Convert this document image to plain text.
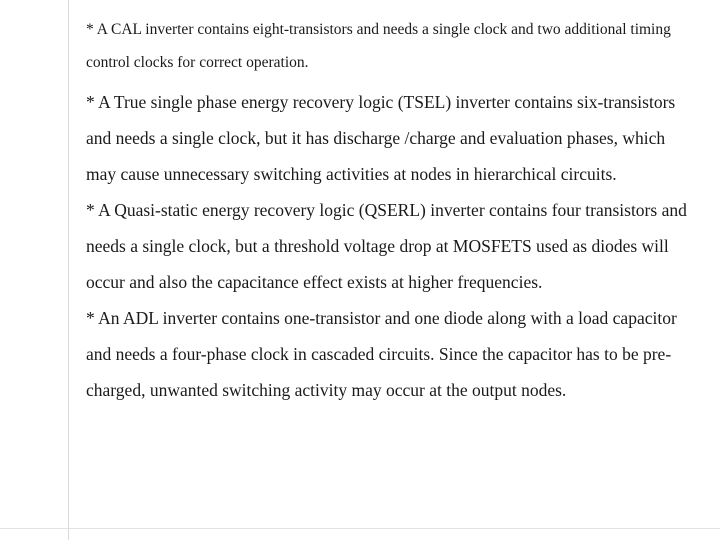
* A CAL inverter contains eight-transistors and needs a single clock and two additional timing control clocks for correct operation.

* A True single phase energy recovery logic (TSEL) inverter contains six-transistors and needs a single clock, but it has discharge /charge and evaluation phases, which may cause unnecessary switching activities at nodes in hierarchical circuits.

* A Quasi-static energy recovery logic (QSERL) inverter contains four transistors and needs a single clock, but a threshold voltage drop at MOSFETS used as diodes will occur and also the capacitance effect exists at higher frequencies.

* An ADL inverter contains one-transistor and one diode along with a load capacitor and needs a four-phase clock in cascaded circuits. Since the capacitor has to be pre-charged, unwanted switching activity may occur at the output nodes.
